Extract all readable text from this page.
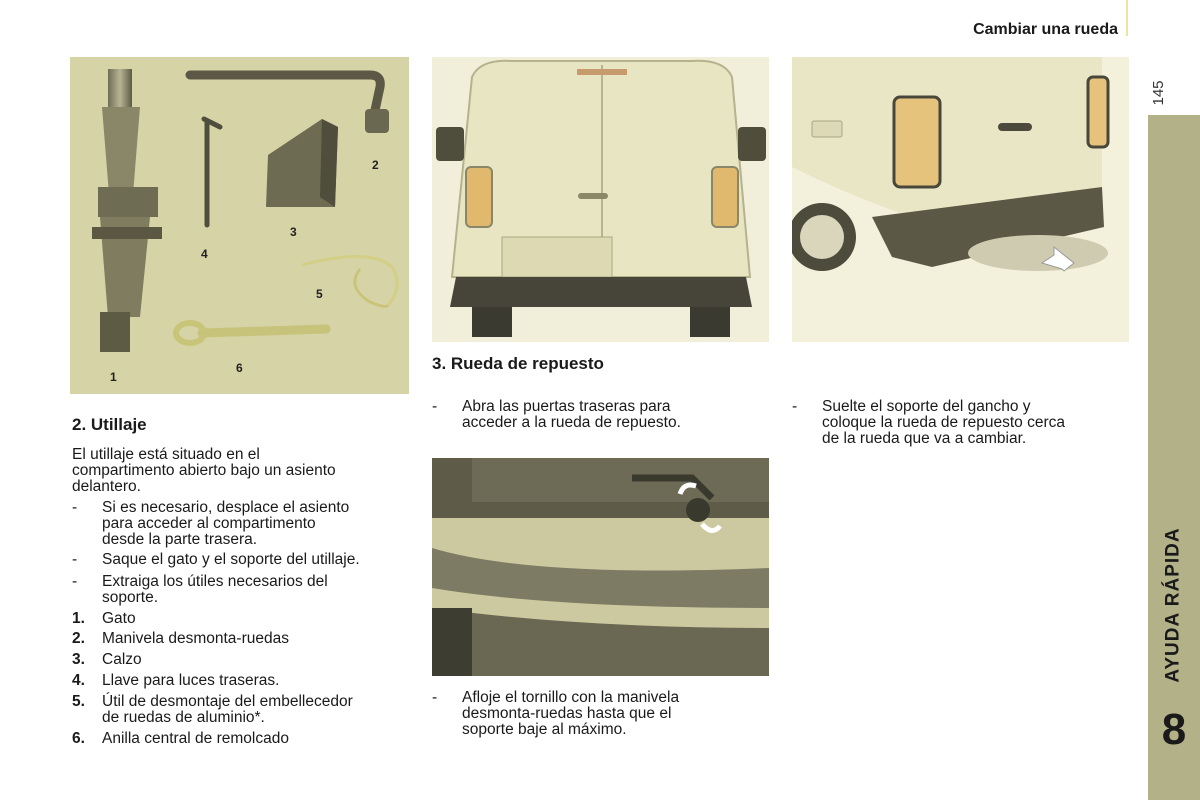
Cambiar una rueda
145
AYUDA RÁPIDA
8
1
2
3
4
5
6
2. Utillaje
El utillaje está situado en el
compartimento abierto bajo un asiento
delantero.
- Si es necesario, desplace el asiento
para acceder al compartimento
desde la parte trasera.
- Saque el gato y el soporte del utillaje.
- Extraiga los útiles necesarios del
soporte.
1. Gato
2. Manivela desmonta-ruedas
3. Calzo
4. Llave para luces traseras.
5. Útil de desmontaje del embellecedor
de ruedas de aluminio*.
6. Anilla central de remolcado
3. Rueda de repuesto
- Abra las puertas traseras para
acceder a la rueda de repuesto.
- Afloje el tornillo con la manivela
desmonta-ruedas hasta que el
soporte baje al máximo.
- Suelte el soporte del gancho y
coloque la rueda de repuesto cerca
de la rueda que va a cambiar.
